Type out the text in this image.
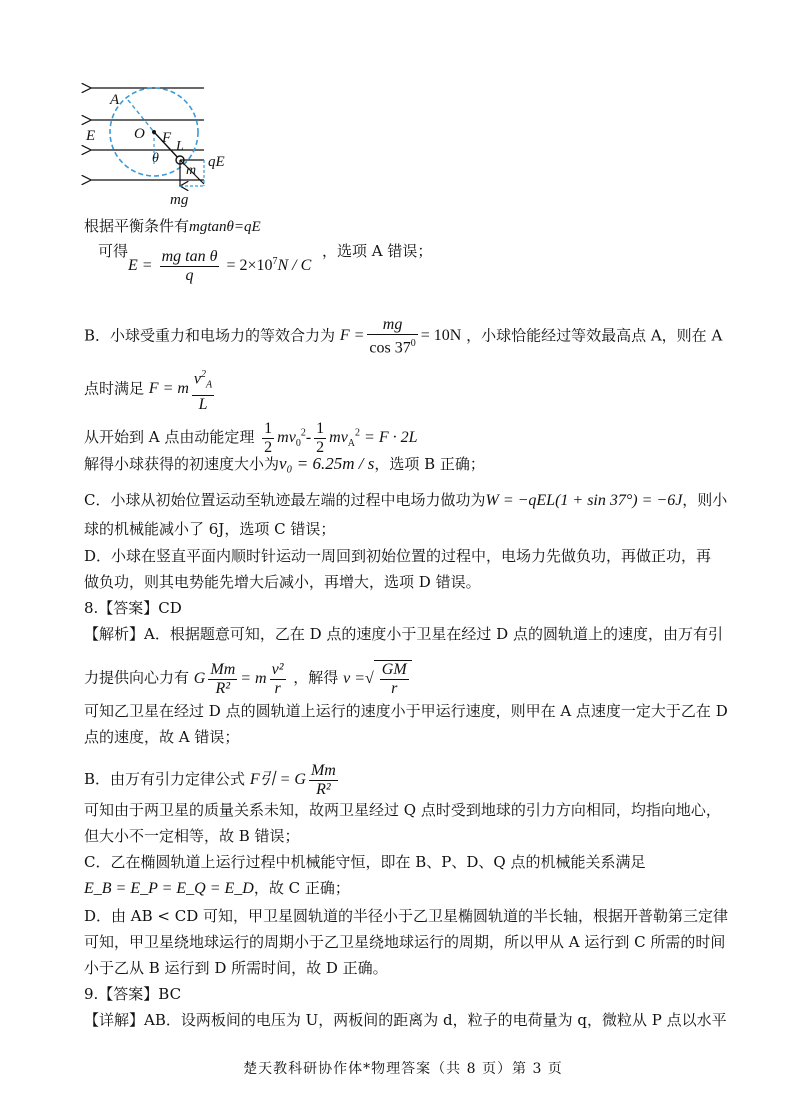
A
E	O F
θ
L
qE
m
mg
根据平衡条件有mgtanθ=qE
可得
$E = \frac{\text{mg tan θ}}{q} = 2\times 10^7N / C$
，选项 A 错误；
B．小球受重力和电场力的等效合力为 $F = \frac{mg}{\cos 37^0} = 10N$ ，小球恰能经过等效最高点 A，则在 A
点时满足 F = m $\frac{v^2_A}{L}$
从开始到 A 点由动能定理 $\frac{1}{2} mv_0^2- \frac{1}{2} mv_A^2 = F \cdot 2L$
解得小球获得的初速度大小为v₀ = 6.25m / s，选项 B 正确；
C．小球从初始位置运动至轨迹最左端的过程中电场力做功为W = −qEL(1 + sin 37°) = −6J，则小
球的机械能减小了 6J，选项 C 错误；
D．小球在竖直平面内顺时针运动一周回到初始位置的过程中，电场力先做负功，再做正功，再
做负功，则其电势能先增大后减小，再增大，选项 D 错误。
8.【答案】CD
【解析】A．根据题意可知，乙在 D 点的速度小于卫星在经过 D 点的圆轨道上的速度，由万有引
力提供向心力有 G $\frac{Mm}{\text{R²}} = m \frac{\text{v²}}{r}$ ，解得 v =√ $\frac{GM}{r}$
可知乙卫星在经过 D 点的圆轨道上运行的速度小于甲运行速度，则甲在 A 点速度一定大于乙在 D
点的速度，故 A 错误；
B．由万有引力定律公式 F引 = G $\frac{Mm}{\text{R²}}$
可知由于两卫星的质量关系未知，故两卫星经过 Q 点时受到地球的引力方向相同，均指向地心，
但大小不一定相等，故 B 错误；
C．乙在椭圆轨道上运行过程中机械能守恒，即在 B、P、D、Q 点的机械能关系满足
E_B = E_P = E_Q = E_D，故 C 正确；
D．由 AB < CD 可知，甲卫星圆轨道的半径小于乙卫星椭圆轨道的半长轴，根据开普勒第三定律
可知，甲卫星绕地球运行的周期小于乙卫星绕地球运行的周期，所以甲从 A 运行到 C 所需的时间
小于乙从 B 运行到 D 所需时间，故 D 正确。
9.【答案】BC
【详解】AB．设两板间的电压为 U，两板间的距离为 d，粒子的电荷量为 q，微粒从 P 点以水平
楚天教科研协作体*物理答案（共 8 页）第 3 页
